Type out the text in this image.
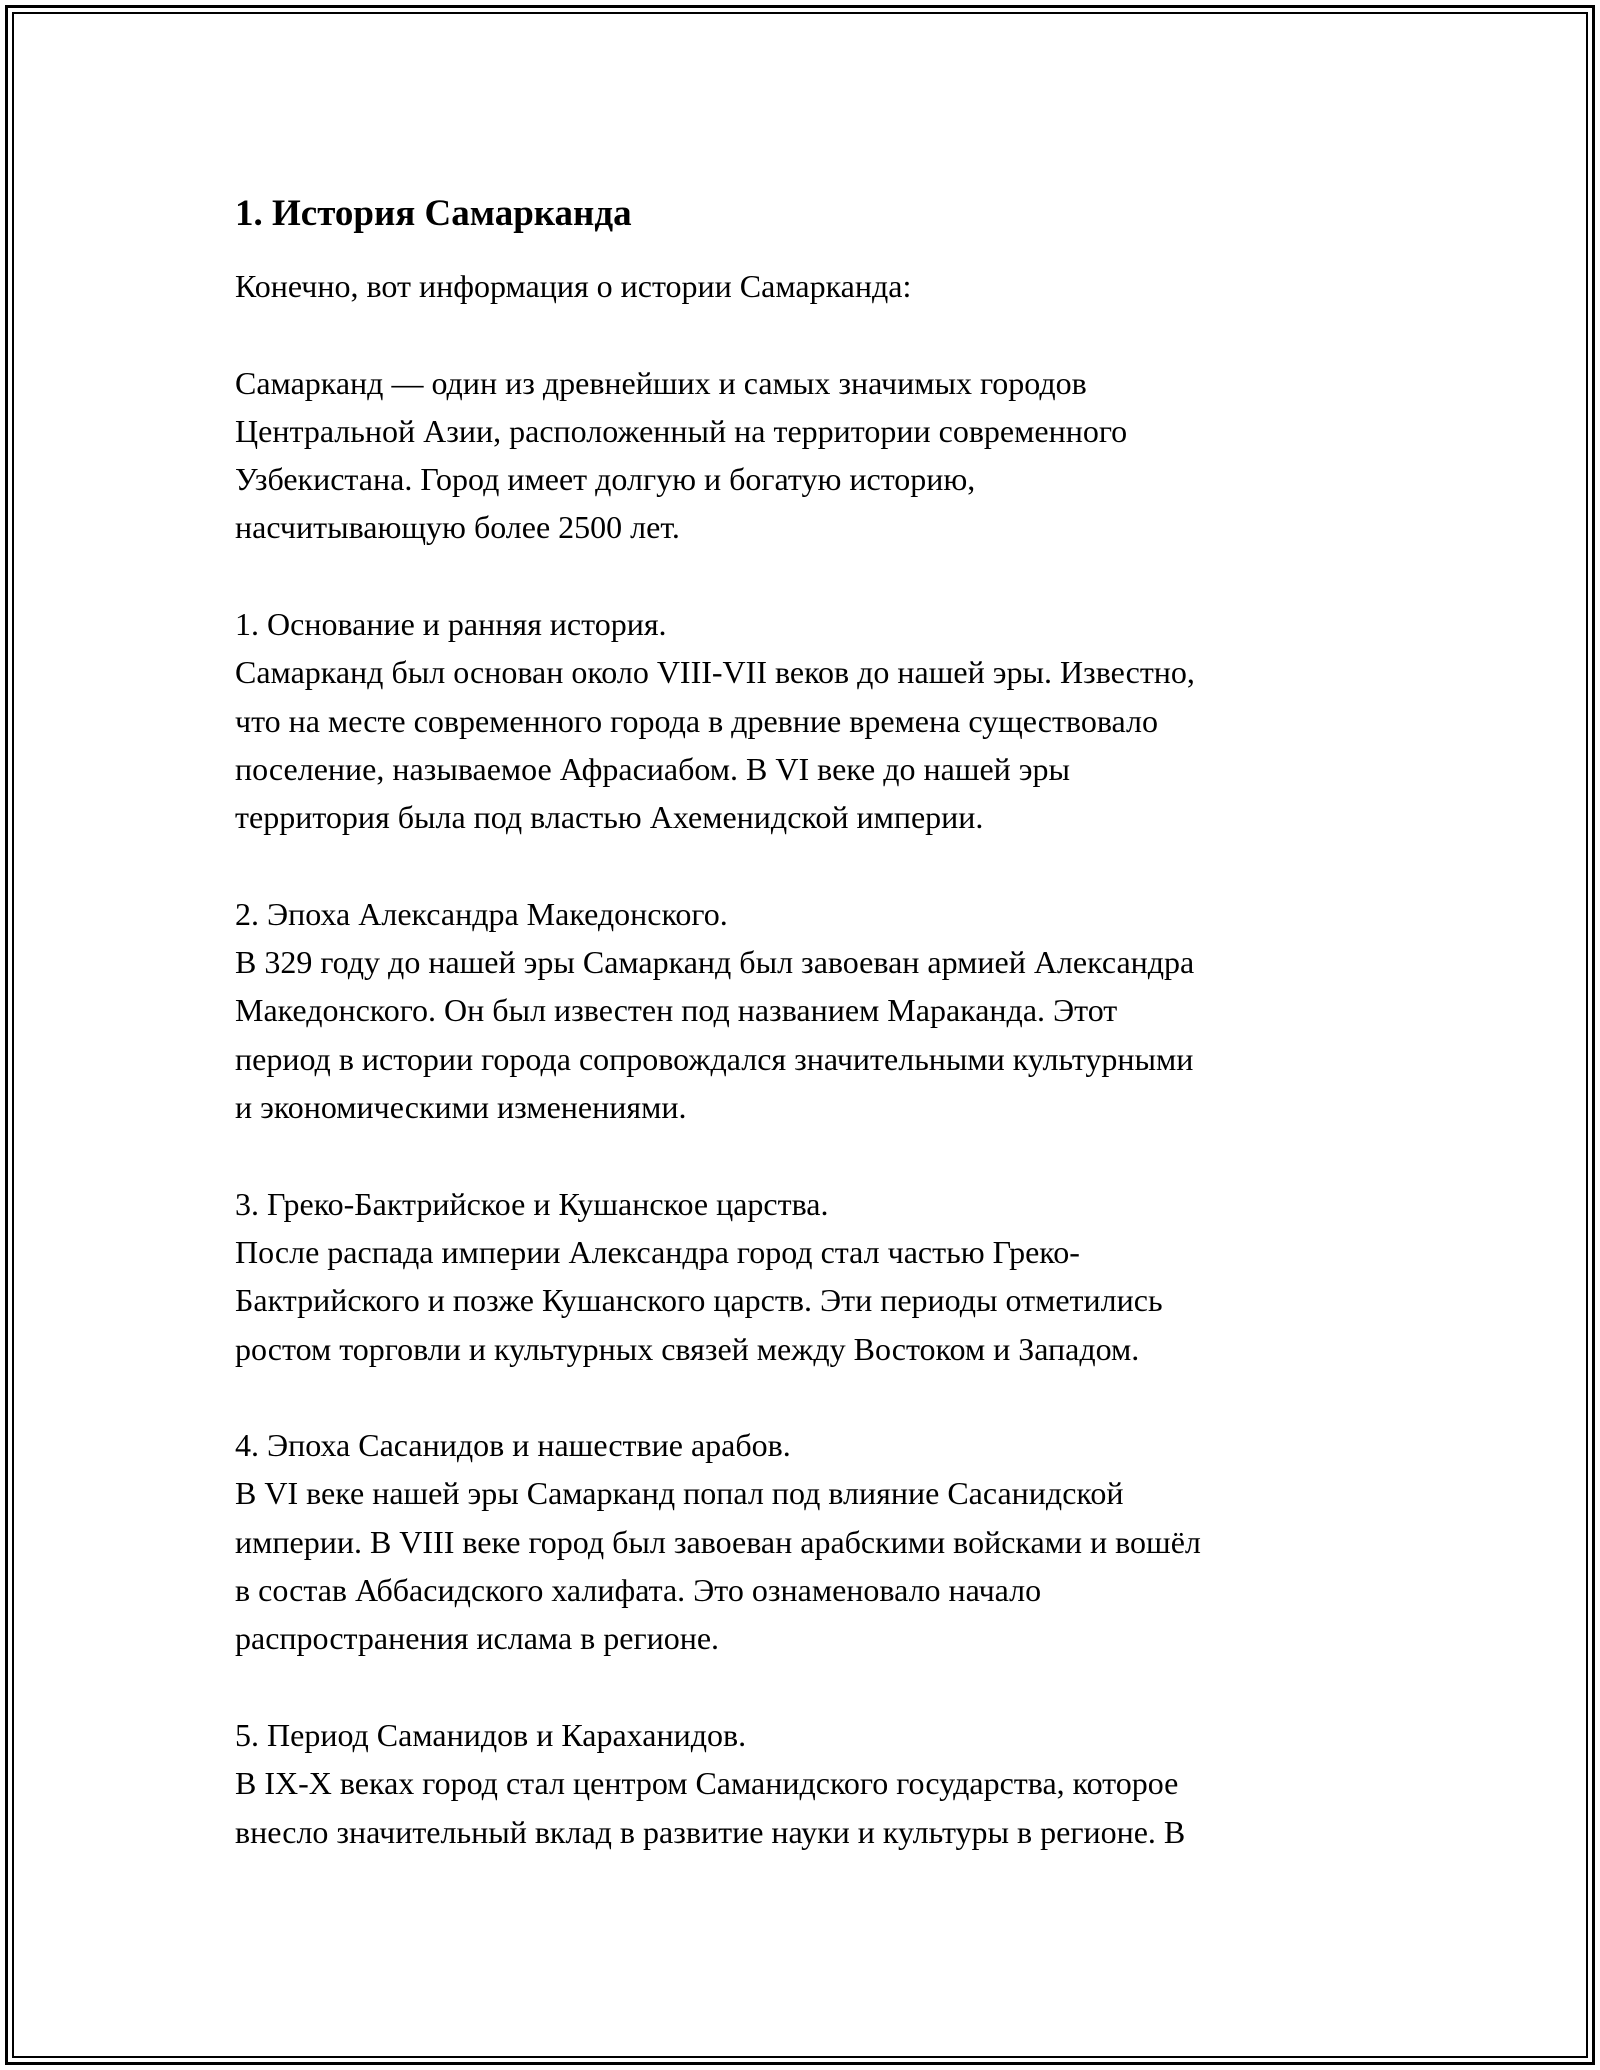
1. История Самарканда

Конечно, вот информация о истории Самарканда:

Самарканд — один из древнейших и самых значимых городов
Центральной Азии, расположенный на территории современного
Узбекистана. Город имеет долгую и богатую историю,
насчитывающую более 2500 лет.
1. Основание и ранняя история.
Самарканд был основан около VIII-VII веков до нашей эры. Известно,
что на месте современного города в древние времена существовало
поселение, называемое Афрасиабом. В VI веке до нашей эры
территория была под властью Ахеменидской империи.
2. Эпоха Александра Македонского.
В 329 году до нашей эры Самарканд был завоеван армией Александра
Македонского. Он был известен под названием Мараканда. Этот
период в истории города сопровождался значительными культурными
и экономическими изменениями.
3. Греко-Бактрийское и Кушанское царства.
После распада империи Александра город стал частью Греко-
Бактрийского и позже Кушанского царств. Эти периоды отметились
ростом торговли и культурных связей между Востоком и Западом.
4. Эпоха Сасанидов и нашествие арабов.
В VI веке нашей эры Самарканд попал под влияние Сасанидской
империи. В VIII веке город был завоеван арабскими войсками и вошёл
в состав Аббасидского халифата. Это ознаменовало начало
распространения ислама в регионе.
5. Период Саманидов и Караханидов.
В IX-X веках город стал центром Саманидского государства, которое
внесло значительный вклад в развитие науки и культуры в регионе. В
